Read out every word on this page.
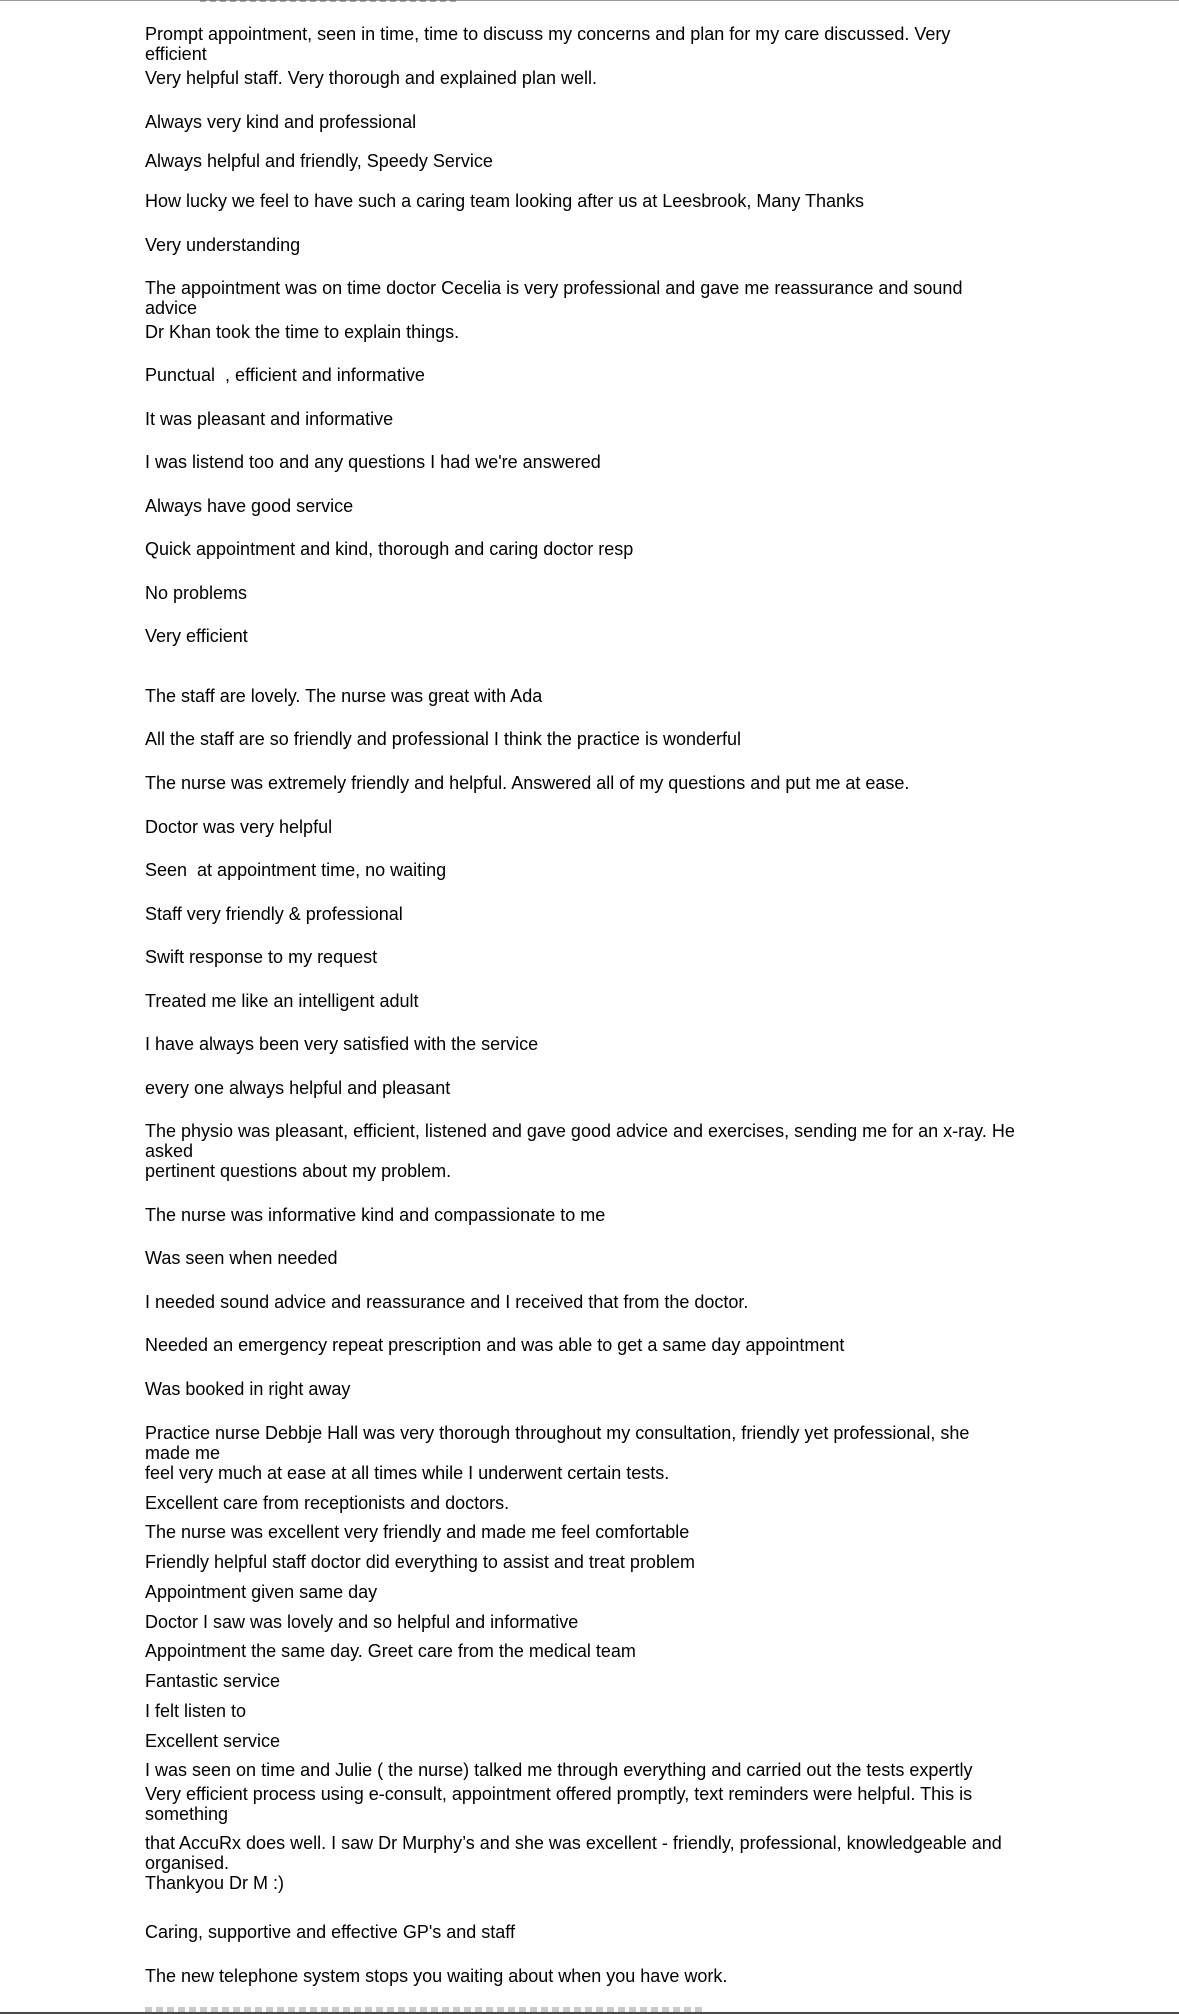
Prompt appointment, seen in time, time to discuss my concerns and plan for my care discussed. Very efficient

Very helpful staff. Very thorough and explained plan well.

Always very kind and professional

Always helpful and friendly, Speedy Service

How lucky we feel to have such a caring team looking after us at Leesbrook, Many Thanks

Very understanding

The appointment was on time doctor Cecelia is very professional and gave me reassurance and sound advice

Dr Khan took the time to explain things.

Punctual  , efficient and informative

It was pleasant and informative

I was listend too and any questions I had we're answered

Always have good service

Quick appointment and kind, thorough and caring doctor resp

No problems

Very efficient

The staff are lovely. The nurse was great with Ada

All the staff are so friendly and professional I think the practice is wonderful

The nurse was extremely friendly and helpful. Answered all of my questions and put me at ease.

Doctor was very helpful

Seen  at appointment time, no waiting

Staff very friendly & professional

Swift response to my request

Treated me like an intelligent adult

I have always been very satisfied with the service

every one always helpful and pleasant

The physio was pleasant, efficient, listened and gave good advice and exercises, sending me for an x-ray. He asked

pertinent questions about my problem.

The nurse was informative kind and compassionate to me

Was seen when needed

I needed sound advice and reassurance and I received that from the doctor.

Needed an emergency repeat prescription and was able to get a same day appointment

Was booked in right away

Practice nurse Debbje Hall was very thorough throughout my consultation, friendly yet professional, she made me

feel very much at ease at all times while I underwent certain tests.

Excellent care from receptionists and doctors.

The nurse was excellent very friendly and made me feel comfortable

Friendly helpful staff doctor did everything to assist and treat problem

Appointment given same day

Doctor I saw was lovely and so helpful and informative

Appointment the same day. Greet care from the medical team

Fantastic service

I felt listen to

Excellent service

I was seen on time and Julie ( the nurse) talked me through everything and carried out the tests expertly

Very efficient process using e-consult, appointment offered promptly, text reminders were helpful. This is something

that AccuRx does well. I saw Dr Murphy’s and she was excellent - friendly, professional, knowledgeable and organised.

Thankyou Dr M :)

Caring, supportive and effective GP's and staff

The new telephone system stops you waiting about when you have work.
